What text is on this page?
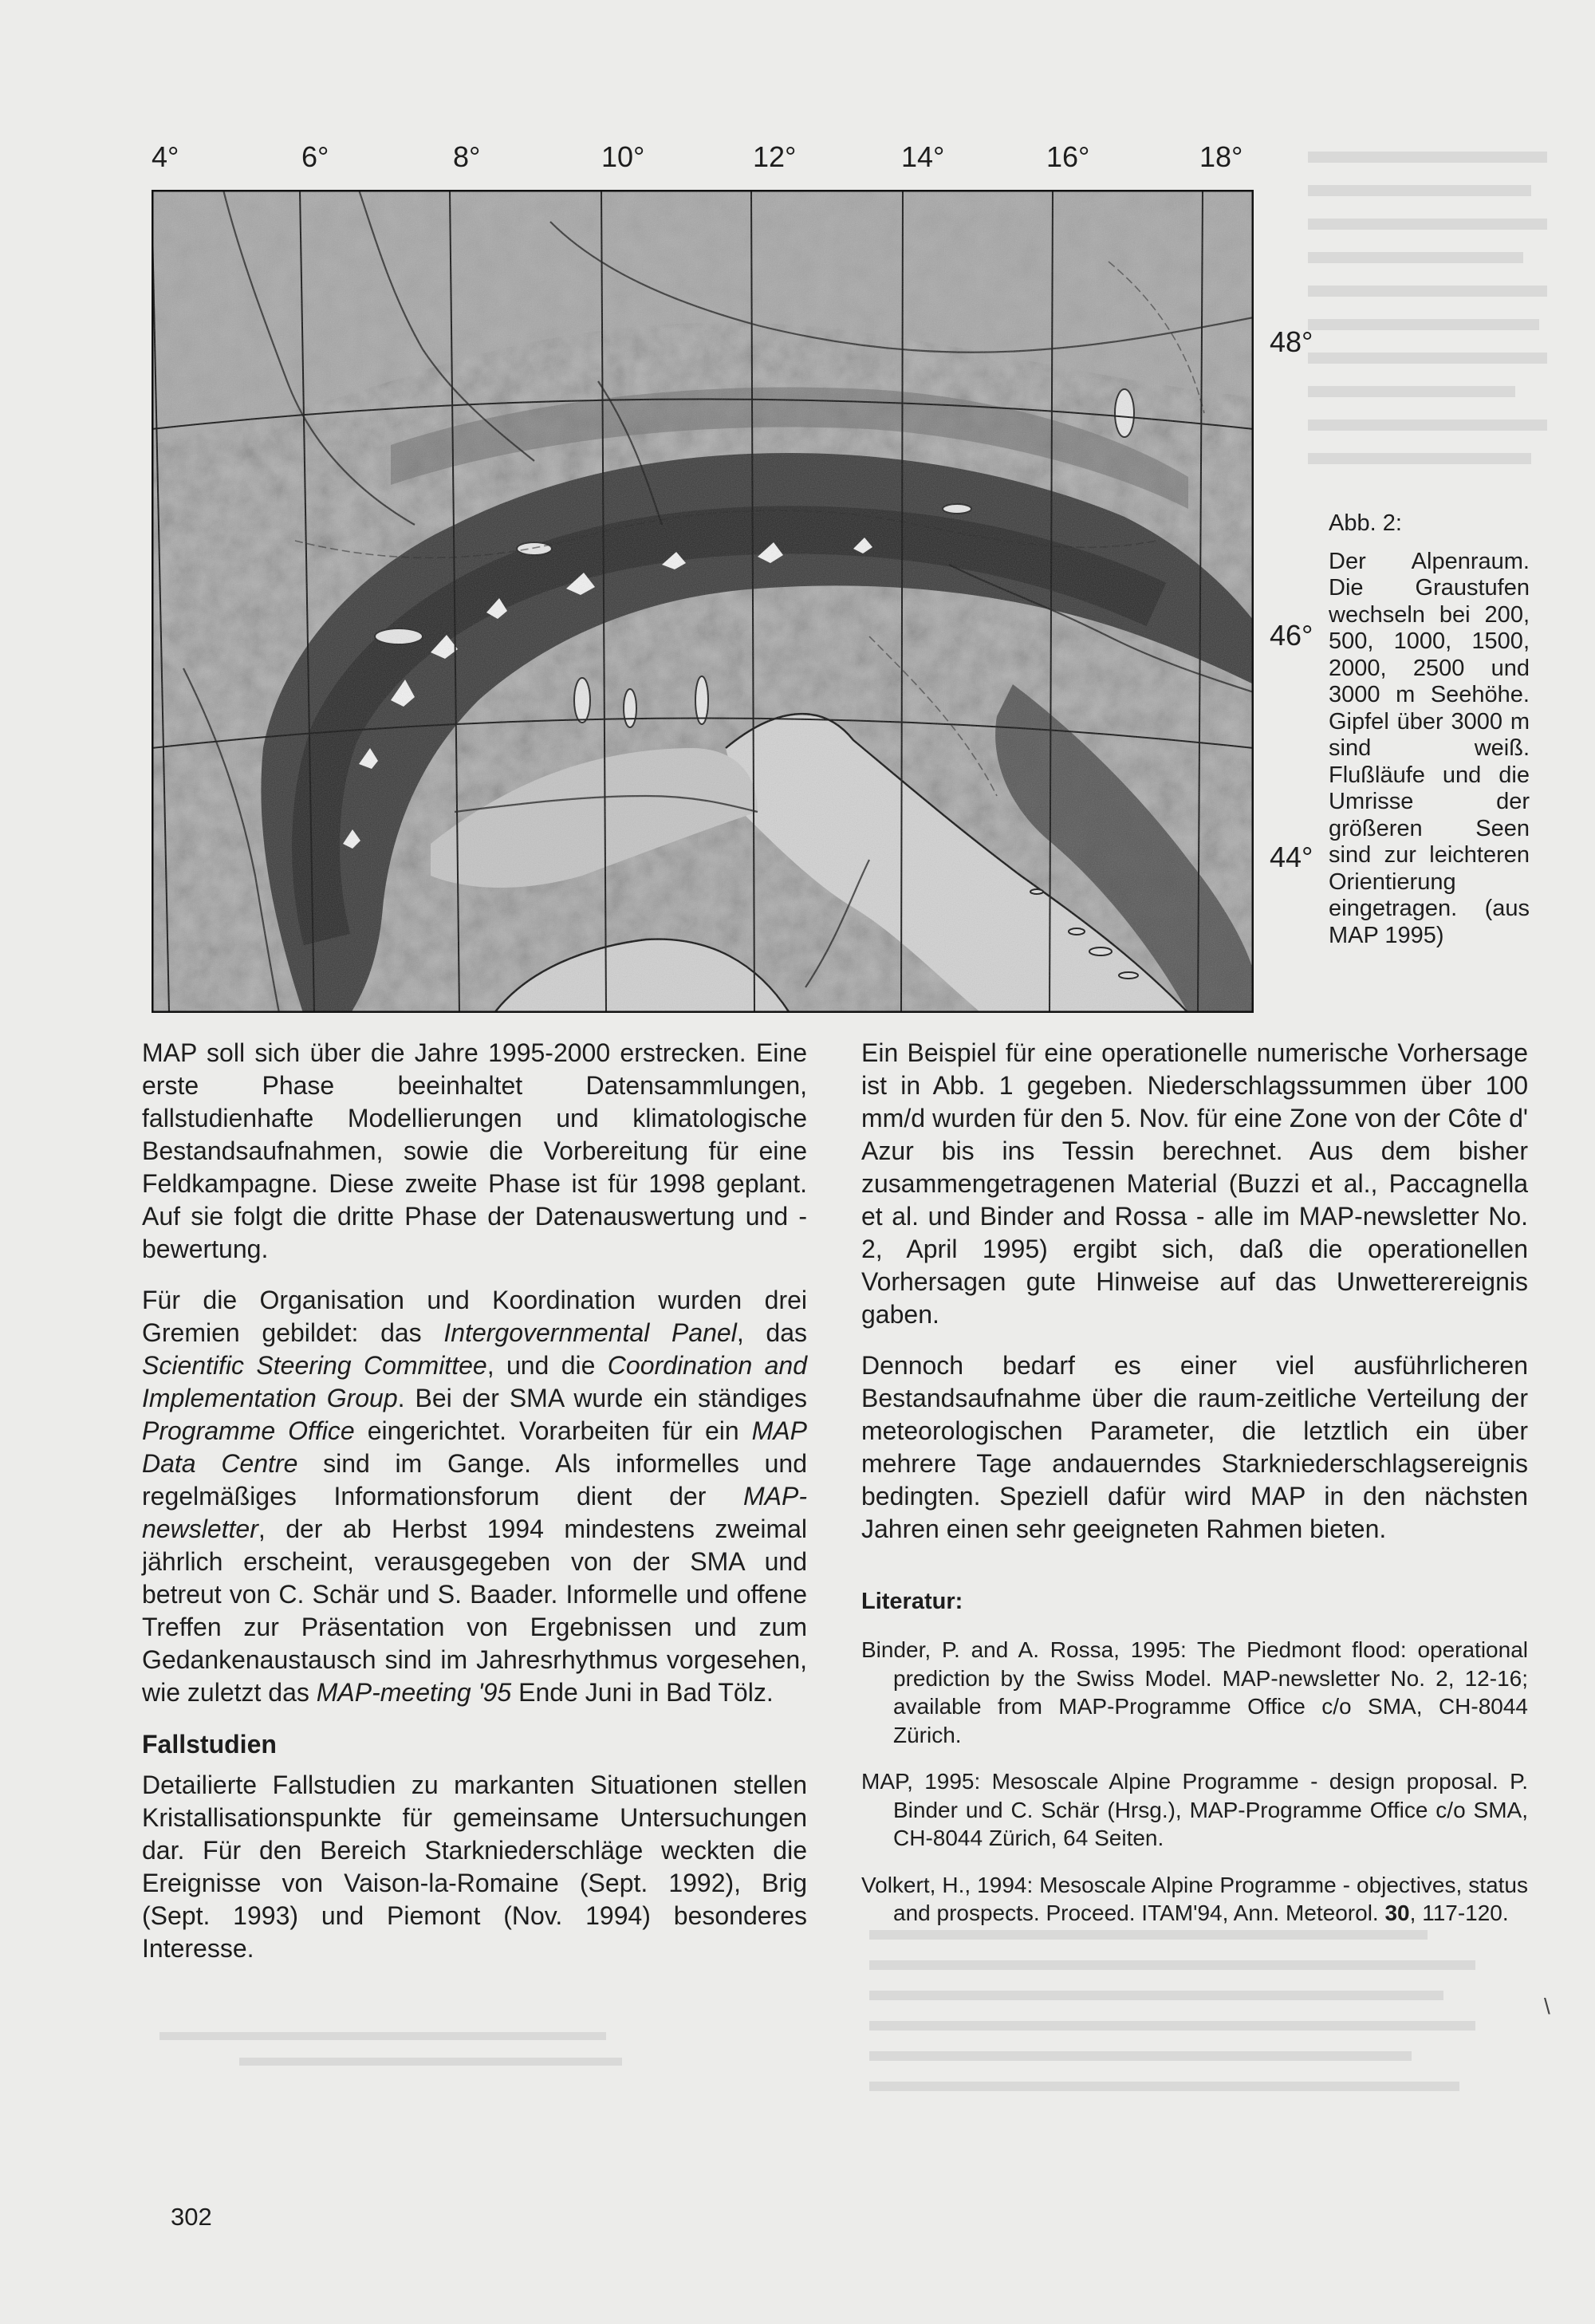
4°	6°	8°	10°	12°	14°	16°	18°
48°
46°
44°

Abb. 2:

Der Alpenraum. Die Graustufen wechseln bei 200, 500, 1000, 1500, 2000, 2500 und 3000 m Seehöhe. Gipfel über 3000 m sind weiß. Flußläufe und die Umrisse der größeren Seen sind zur leichteren Orientierung eingetragen. (aus MAP 1995)

MAP soll sich über die Jahre 1995-2000 erstrecken. Eine erste Phase beeinhaltet Datensammlungen, fallstudienhafte Modellierungen und klimatologische Bestandsaufnahmen, sowie die Vorbereitung für eine Feldkampagne. Diese zweite Phase ist für 1998 geplant. Auf sie folgt die dritte Phase der Datenauswertung und -bewertung.

Für die Organisation und Koordination wurden drei Gremien gebildet: das Intergovernmental Panel, das Scientific Steering Committee, und die Coordination and Implementation Group. Bei der SMA wurde ein ständiges Programme Office eingerichtet. Vorarbeiten für ein MAP Data Centre sind im Gange. Als informelles und regelmäßiges Informationsforum dient der MAP-newsletter, der ab Herbst 1994 mindestens zweimal jährlich erscheint, verausgegeben von der SMA und betreut von C. Schär und S. Baader. Informelle und offene Treffen zur Präsentation von Ergebnissen und zum Gedankenaustausch sind im Jahresrhythmus vorgesehen, wie zuletzt das MAP-meeting '95 Ende Juni in Bad Tölz.

Fallstudien

Detailierte Fallstudien zu markanten Situationen stellen Kristallisationspunkte für gemeinsame Untersuchungen dar. Für den Bereich Starkniederschläge weckten die Ereignisse von Vaison-la-Romaine (Sept. 1992), Brig (Sept. 1993) und Piemont (Nov. 1994) besonderes Interesse.

Ein Beispiel für eine operationelle numerische Vorhersage ist in Abb. 1 gegeben. Niederschlagssummen über 100 mm/d wurden für den 5. Nov. für eine Zone von der Côte d' Azur bis ins Tessin berechnet. Aus dem bisher zusammengetragenen Material (Buzzi et al., Paccagnella et al. und Binder and Rossa - alle im MAP-newsletter No. 2, April 1995) ergibt sich, daß die operationellen Vorhersagen gute Hinweise auf das Unwetterereignis gaben.

Dennoch bedarf es einer viel ausführlicheren Bestandsaufnahme über die raum-zeitliche Verteilung der meteorologischen Parameter, die letztlich ein über mehrere Tage andauerndes Starkniederschlagsereignis bedingten. Speziell dafür wird MAP in den nächsten Jahren einen sehr geeigneten Rahmen bieten.

Literatur:

Binder, P. and A. Rossa, 1995: The Piedmont flood: operational prediction by the Swiss Model. MAP-newsletter No. 2, 12-16; available from MAP-Programme Office c/o SMA, CH-8044 Zürich.

MAP, 1995: Mesoscale Alpine Programme - design proposal. P. Binder und C. Schär (Hrsg.), MAP-Programme Office c/o SMA, CH-8044 Zürich, 64 Seiten.

Volkert, H., 1994: Mesoscale Alpine Programme - objectives, status and prospects. Proceed. ITAM'94, Ann. Meteorol. 30, 117-120.

302
\
